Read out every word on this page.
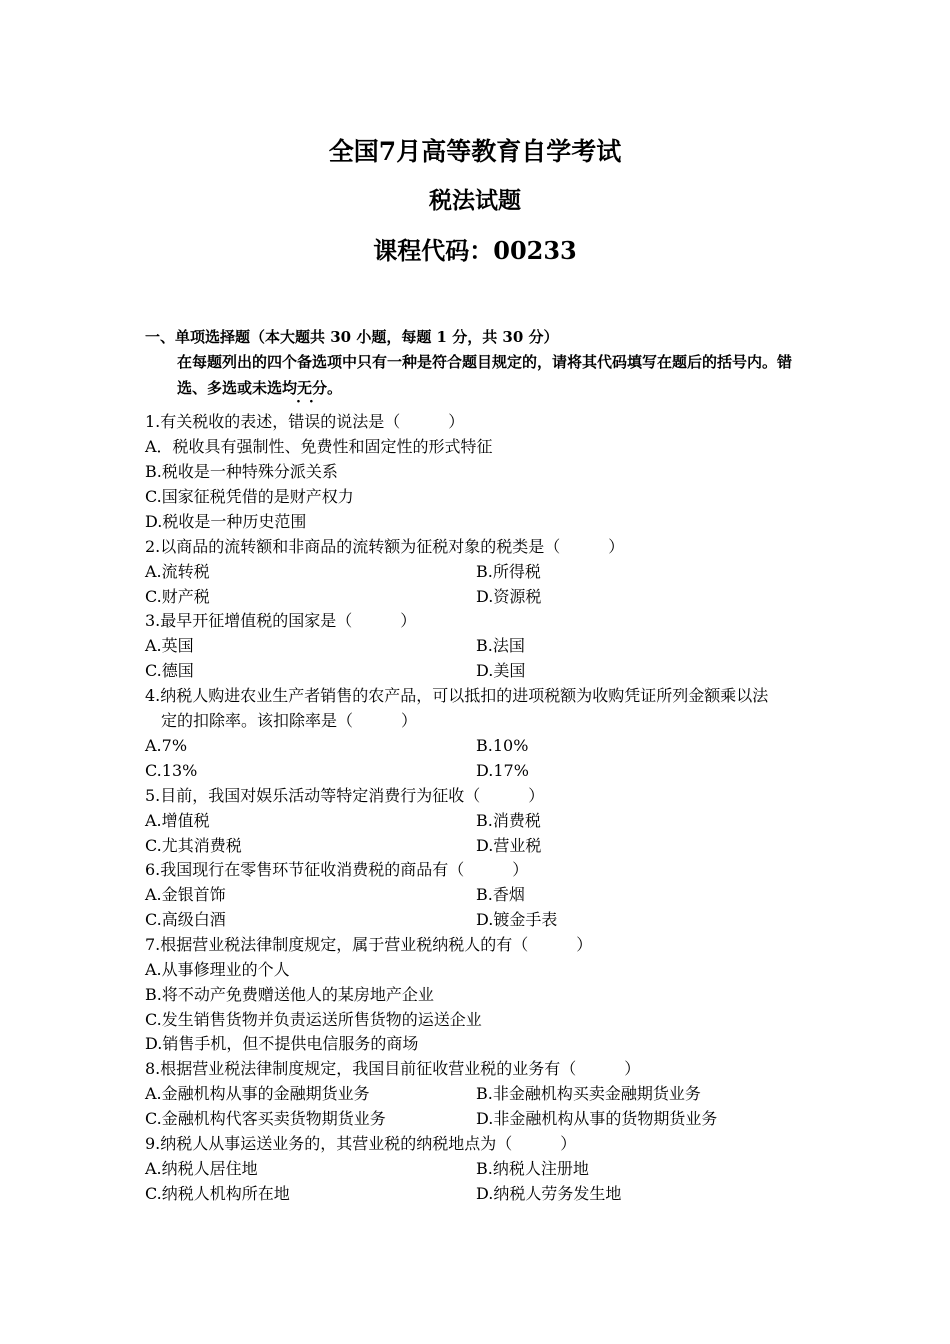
全国7月高等教育自学考试
税法试题
课程代码：00233
一、单项选择题（本大题共 30 小题，每题 1 分，共 30 分）
在每题列出的四个备选项中只有一种是符合题目规定的，请将其代码填写在题后的括号内。错选、多选或未选均无分。
··
1.有关税收的表述，错误的说法是（　　　）
A．税收具有强制性、免费性和固定性的形式特征
B.税收是一种特殊分派关系
C.国家征税凭借的是财产权力
D.税收是一种历史范围
2.以商品的流转额和非商品的流转额为征税对象的税类是（　　　）
A.流转税	B.所得税
C.财产税	D.资源税
3.最早开征增值税的国家是（　　　）
A.英国	B.法国
C.德国	D.美国
4.纳税人购进农业生产者销售的农产品，可以抵扣的进项税额为收购凭证所列金额乘以法
定的扣除率。该扣除率是（　　　）
A.7%	B.10%
C.13%	D.17%
5.目前，我国对娱乐活动等特定消费行为征收（　　　）
A.增值税	B.消费税
C.尤其消费税	D.营业税
6.我国现行在零售环节征收消费税的商品有（　　　）
A.金银首饰	B.香烟
C.高级白酒	D.镀金手表
7.根据营业税法律制度规定，属于营业税纳税人的有（　　　）
A.从事修理业的个人
B.将不动产免费赠送他人的某房地产企业
C.发生销售货物并负责运送所售货物的运送企业
D.销售手机，但不提供电信服务的商场
8.根据营业税法律制度规定，我国目前征收营业税的业务有（　　　）
A.金融机构从事的金融期货业务	B.非金融机构买卖金融期货业务
C.金融机构代客买卖货物期货业务	D.非金融机构从事的货物期货业务
9.纳税人从事运送业务的，其营业税的纳税地点为（　　　）
A.纳税人居住地	B.纳税人注册地
C.纳税人机构所在地	D.纳税人劳务发生地
